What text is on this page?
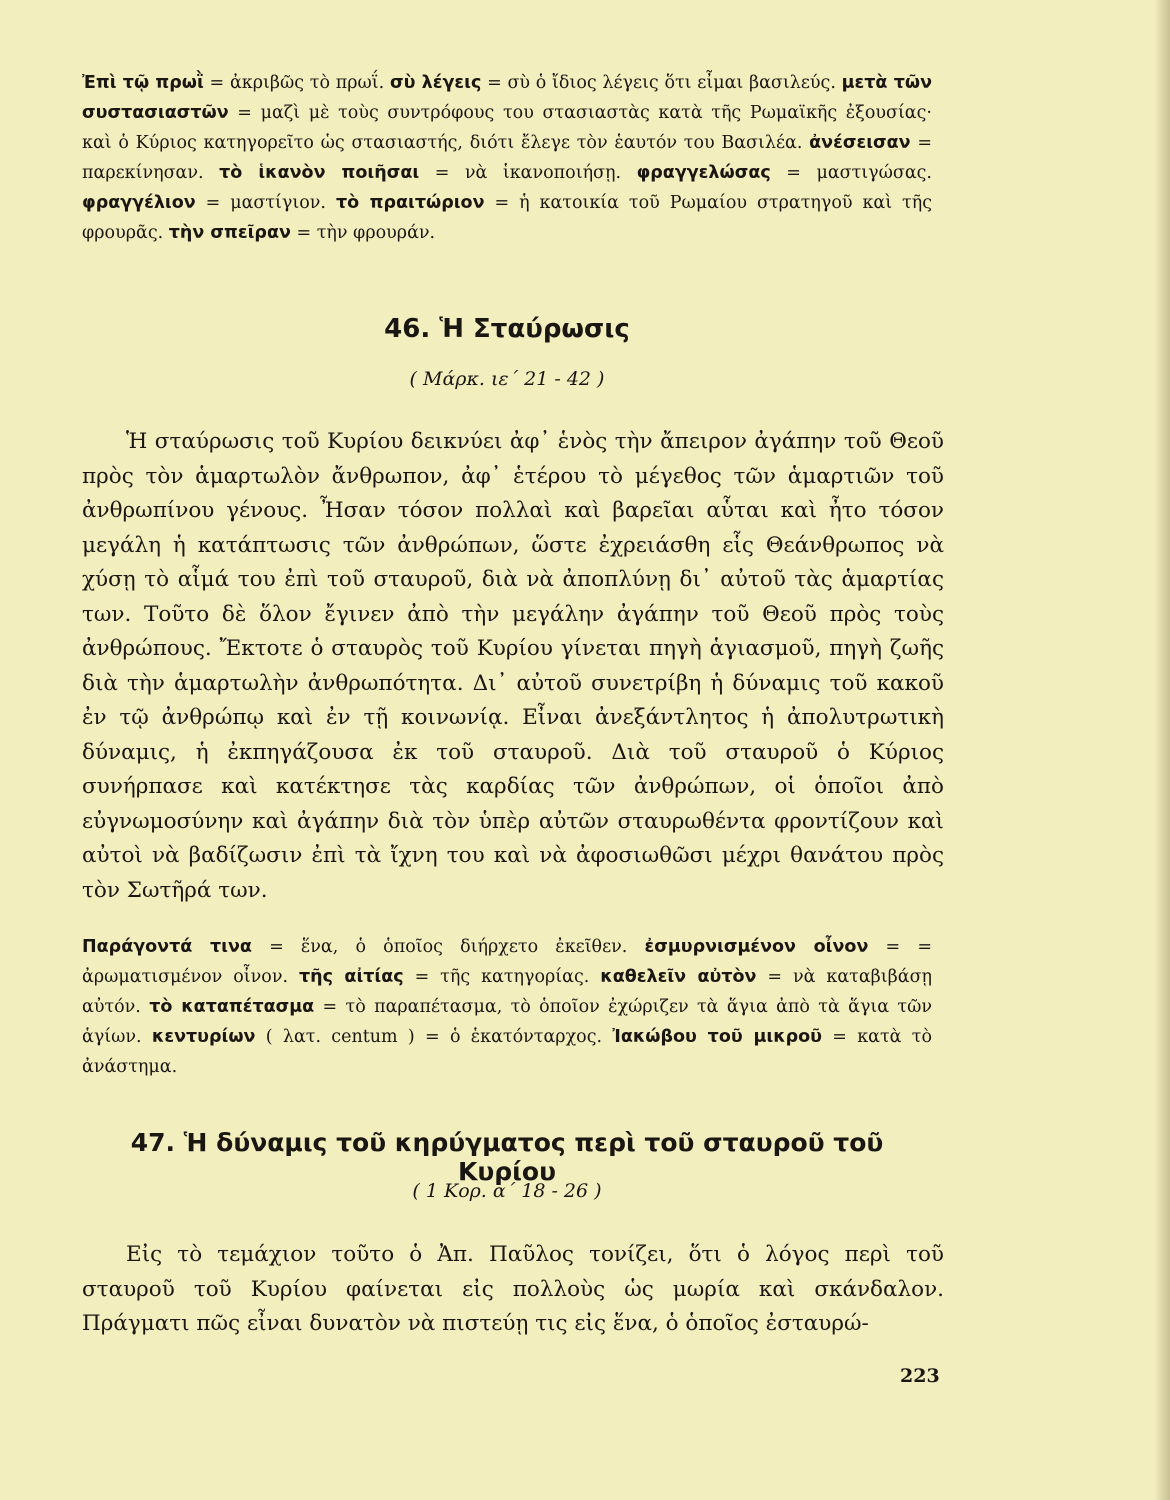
Ἐπὶ τῷ πρωῒ = ἀκριβῶς τὸ πρωΐ. σὺ λέγεις = σὺ ὁ ἴδιος λέγεις ὅτι εἶμαι βασιλεύς. μετὰ τῶν συστασιαστῶν = μαζὶ μὲ τοὺς συντρόφους του στασιαστὰς κατὰ τῆς Ρωμαϊκῆς ἐξουσίας· καὶ ὁ Κύριος κατηγορεῖτο ὡς στασιαστής, διότι ἔλεγε τὸν ἑαυτόν του Βασιλέα. ἀνέσεισαν = παρεκίνησαν. τὸ ἱκανὸν ποιῆσαι = νὰ ἱκανοποιήσῃ. φραγγελώσας = μαστιγώσας. φραγγέλιον = μαστίγιον. τὸ πραιτώριον = ἡ κατοικία τοῦ Ρωμαίου στρατηγοῦ καὶ τῆς φρουρᾶς. τὴν σπεῖραν = τὴν φρουράν.

46. Ἡ Σταύρωσις
( Μάρκ. ιε΄ 21 - 42 )

Ἡ σταύρωσις τοῦ Κυρίου δεικνύει ἀφ᾽ ἑνὸς τὴν ἄπειρον ἀγάπην τοῦ Θεοῦ πρὸς τὸν ἁμαρτωλὸν ἄνθρωπον, ἀφ᾽ ἑτέρου τὸ μέγεθος τῶν ἁμαρτιῶν τοῦ ἀνθρωπίνου γένους. Ἦσαν τόσον πολλαὶ καὶ βαρεῖαι αὗται καὶ ἦτο τόσον μεγάλη ἡ κατάπτωσις τῶν ἀνθρώπων, ὥστε ἐχρειάσθη εἷς Θεάνθρωπος νὰ χύσῃ τὸ αἷμά του ἐπὶ τοῦ σταυροῦ, διὰ νὰ ἀποπλύνῃ δι᾽ αὐτοῦ τὰς ἁμαρτίας των. Τοῦτο δὲ ὅλον ἔγινεν ἀπὸ τὴν μεγάλην ἀγάπην τοῦ Θεοῦ πρὸς τοὺς ἀνθρώπους. Ἔκτοτε ὁ σταυρὸς τοῦ Κυρίου γίνεται πηγὴ ἁγιασμοῦ, πηγὴ ζωῆς διὰ τὴν ἁμαρτωλὴν ἀνθρωπότητα. Δι᾽ αὐτοῦ συνετρίβη ἡ δύναμις τοῦ κακοῦ ἐν τῷ ἀνθρώπῳ καὶ ἐν τῇ κοινωνίᾳ. Εἶναι ἀνεξάντλητος ἡ ἀπολυτρωτικὴ δύναμις, ἡ ἐκπηγάζουσα ἐκ τοῦ σταυροῦ. Διὰ τοῦ σταυροῦ ὁ Κύριος συνήρπασε καὶ κατέκτησε τὰς καρδίας τῶν ἀνθρώπων, οἱ ὁποῖοι ἀπὸ εὐγνωμοσύνην καὶ ἀγάπην διὰ τὸν ὑπὲρ αὐτῶν σταυρωθέντα φροντίζουν καὶ αὐτοὶ νὰ βαδίζωσιν ἐπὶ τὰ ἴχνη του καὶ νὰ ἀφοσιωθῶσι μέχρι θανάτου πρὸς τὸν Σωτῆρά των.

Παράγοντά τινα = ἕνα, ὁ ὁποῖος διήρχετο ἐκεῖθεν. ἐσμυρνισμένον οἶνον = = ἀρωματισμένον οἶνον. τῆς αἰτίας = τῆς κατηγορίας. καθελεῖν αὐτὸν = νὰ καταβιβάσῃ αὐτόν. τὸ καταπέτασμα = τὸ παραπέτασμα, τὸ ὁποῖον ἐχώριζεν τὰ ἅγια ἀπὸ τὰ ἅγια τῶν ἁγίων. κεντυρίων ( λατ. centum ) = ὁ ἑκατόνταρχος. Ἰακώβου τοῦ μικροῦ = κατὰ τὸ ἀνάστημα.

47. Ἡ δύναμις τοῦ κηρύγματος περὶ τοῦ σταυροῦ τοῦ Κυρίου
( 1 Κορ. α΄ 18 - 26 )

Εἰς τὸ τεμάχιον τοῦτο ὁ Ἀπ. Παῦλος τονίζει, ὅτι ὁ λόγος περὶ τοῦ σταυροῦ τοῦ Κυρίου φαίνεται εἰς πολλοὺς ὡς μωρία καὶ σκάνδαλον. Πράγματι πῶς εἶναι δυνατὸν νὰ πιστεύῃ τις εἰς ἕνα, ὁ ὁποῖος ἐσταυρώ-

223
